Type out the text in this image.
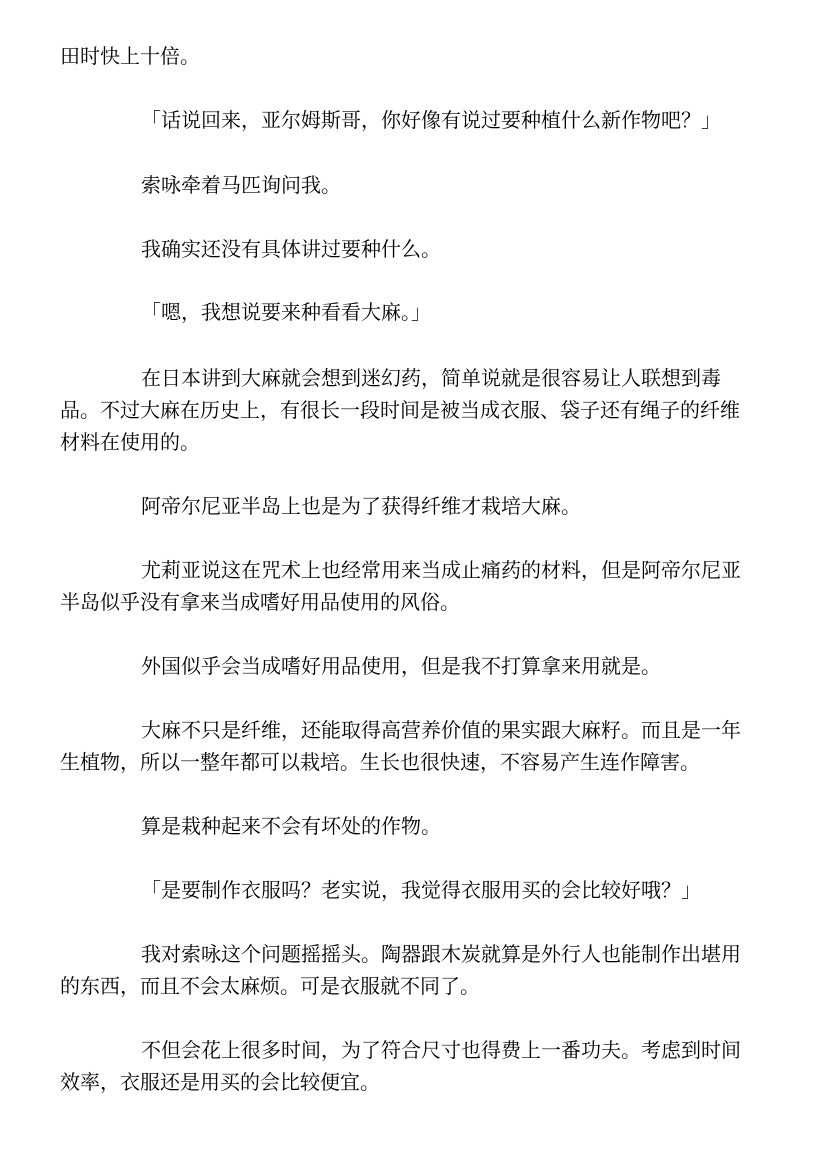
田时快上十倍。
「话说回来，亚尔姆斯哥，你好像有说过要种植什么新作物吧？」
索咏牵着马匹询问我。
我确实还没有具体讲过要种什么。
「嗯，我想说要来种看看大麻。」
在日本讲到大麻就会想到迷幻药，简单说就是很容易让人联想到毒
品。不过大麻在历史上，有很长一段时间是被当成衣服、袋子还有绳子的纤维
材料在使用的。
阿帝尔尼亚半岛上也是为了获得纤维才栽培大麻。
尤莉亚说这在咒术上也经常用来当成止痛药的材料，但是阿帝尔尼亚
半岛似乎没有拿来当成嗜好用品使用的风俗。
外国似乎会当成嗜好用品使用，但是我不打算拿来用就是。
大麻不只是纤维，还能取得高营养价值的果实跟大麻籽。而且是一年
生植物，所以一整年都可以栽培。生长也很快速，不容易产生连作障害。
算是栽种起来不会有坏处的作物。
「是要制作衣服吗？老实说，我觉得衣服用买的会比较好哦？」
我对索咏这个问题摇摇头。陶器跟木炭就算是外行人也能制作出堪用
的东西，而且不会太麻烦。可是衣服就不同了。
不但会花上很多时间，为了符合尺寸也得费上一番功夫。考虑到时间
效率，衣服还是用买的会比较便宜。
